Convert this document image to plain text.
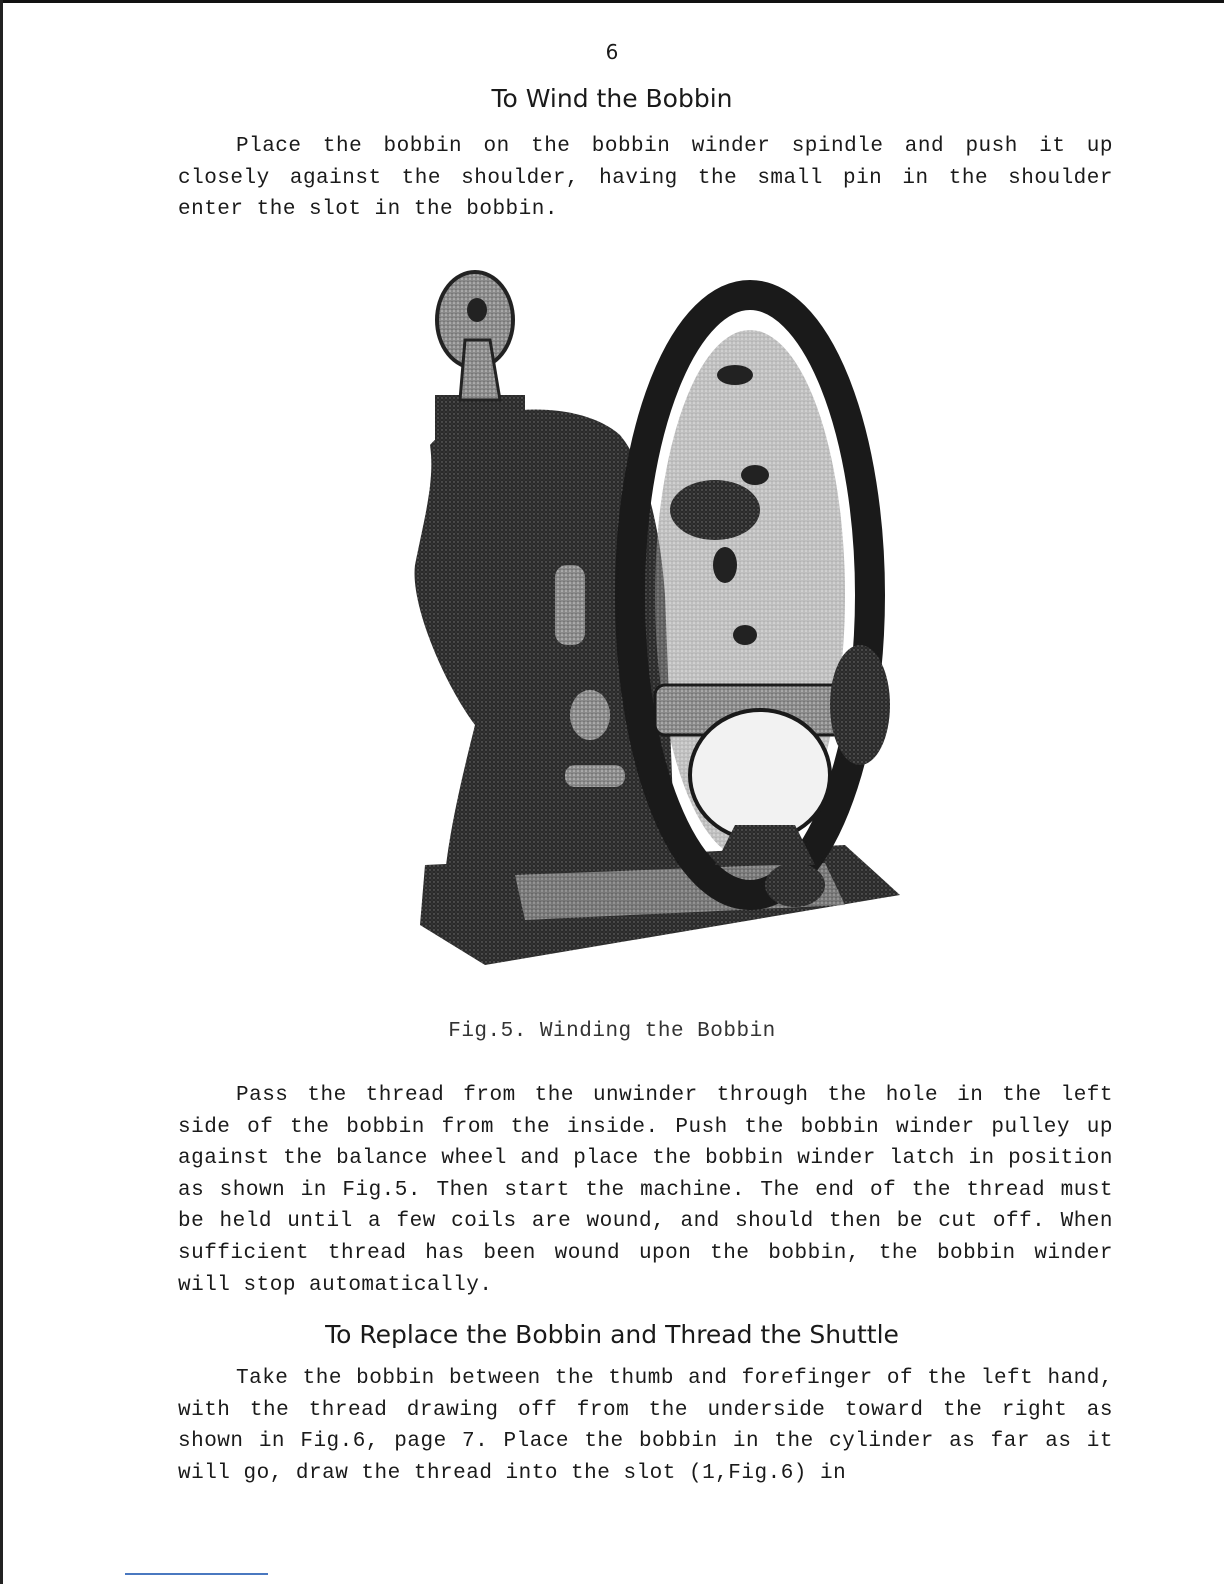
6
To Wind the Bobbin

Place the bobbin on the bobbin winder spindle and push it up closely against the shoulder, having the small pin in the shoulder enter the slot in the bobbin.

Fig.5. Winding the Bobbin

Pass the thread from the unwinder through the hole in the left side of the bobbin from the inside. Push the bobbin winder pulley up against the balance wheel and place the bobbin winder latch in position as shown in Fig.5. Then start the machine. The end of the thread must be held until a few coils are wound, and should then be cut off. When sufficient thread has been wound upon the bobbin, the bobbin winder will stop automatically.

To Replace the Bobbin and Thread the Shuttle

Take the bobbin between the thumb and forefinger of the left hand, with the thread drawing off from the underside toward the right as shown in Fig.6, page 7. Place the bobbin in the cylinder as far as it will go, draw the thread into the slot (1,Fig.6) in
